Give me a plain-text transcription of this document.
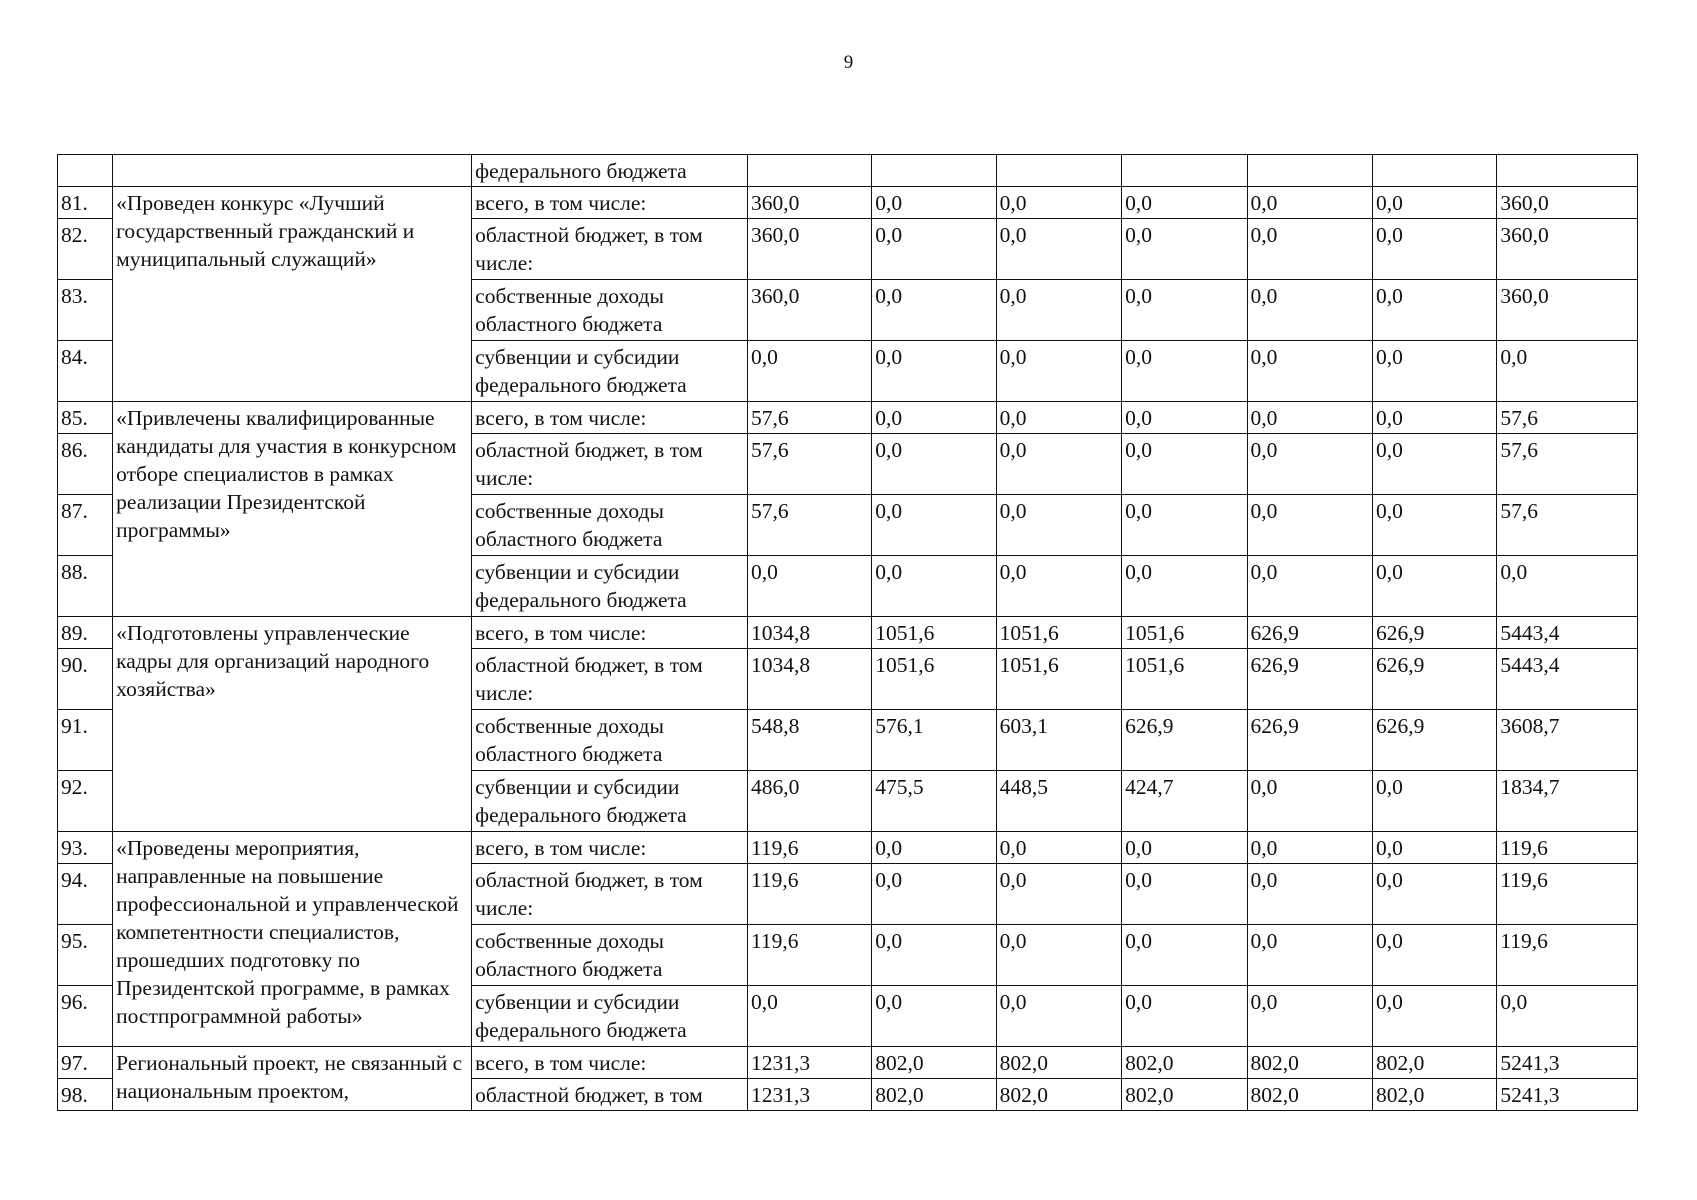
9
		федерального бюджета							
81.	«Проведен конкурс «Лучший государственный гражданский и муниципальный служащий»	всего, в том числе:	360,0	0,0	0,0	0,0	0,0	0,0	360,0
82.		областной бюджет, в том числе:	360,0	0,0	0,0	0,0	0,0	0,0	360,0
83.		собственные доходы областного бюджета	360,0	0,0	0,0	0,0	0,0	0,0	360,0
84.		субвенции и субсидии федерального бюджета	0,0	0,0	0,0	0,0	0,0	0,0	0,0
85.	«Привлечены квалифицированные кандидаты для участия в конкурсном отборе специалистов в рамках реализации Президентской программы»	всего, в том числе:	57,6	0,0	0,0	0,0	0,0	0,0	57,6
86.		областной бюджет, в том числе:	57,6	0,0	0,0	0,0	0,0	0,0	57,6
87.		собственные доходы областного бюджета	57,6	0,0	0,0	0,0	0,0	0,0	57,6
88.		субвенции и субсидии федерального бюджета	0,0	0,0	0,0	0,0	0,0	0,0	0,0
89.	«Подготовлены управленческие кадры для организаций народного хозяйства»	всего, в том числе:	1034,8	1051,6	1051,6	1051,6	626,9	626,9	5443,4
90.		областной бюджет, в том числе:	1034,8	1051,6	1051,6	1051,6	626,9	626,9	5443,4
91.		собственные доходы областного бюджета	548,8	576,1	603,1	626,9	626,9	626,9	3608,7
92.		субвенции и субсидии федерального бюджета	486,0	475,5	448,5	424,7	0,0	0,0	1834,7
93.	«Проведены мероприятия, направленные на повышение профессиональной и управленческой компетентности специалистов, прошедших подготовку по Президентской программе, в рамках постпрограммной работы»	всего, в том числе:	119,6	0,0	0,0	0,0	0,0	0,0	119,6
94.		областной бюджет, в том числе:	119,6	0,0	0,0	0,0	0,0	0,0	119,6
95.		собственные доходы областного бюджета	119,6	0,0	0,0	0,0	0,0	0,0	119,6
96.		субвенции и субсидии федерального бюджета	0,0	0,0	0,0	0,0	0,0	0,0	0,0
97.	Региональный проект, не связанный с национальным проектом,	всего, в том числе:	1231,3	802,0	802,0	802,0	802,0	802,0	5241,3
98.		областной бюджет, в том	1231,3	802,0	802,0	802,0	802,0	802,0	5241,3
